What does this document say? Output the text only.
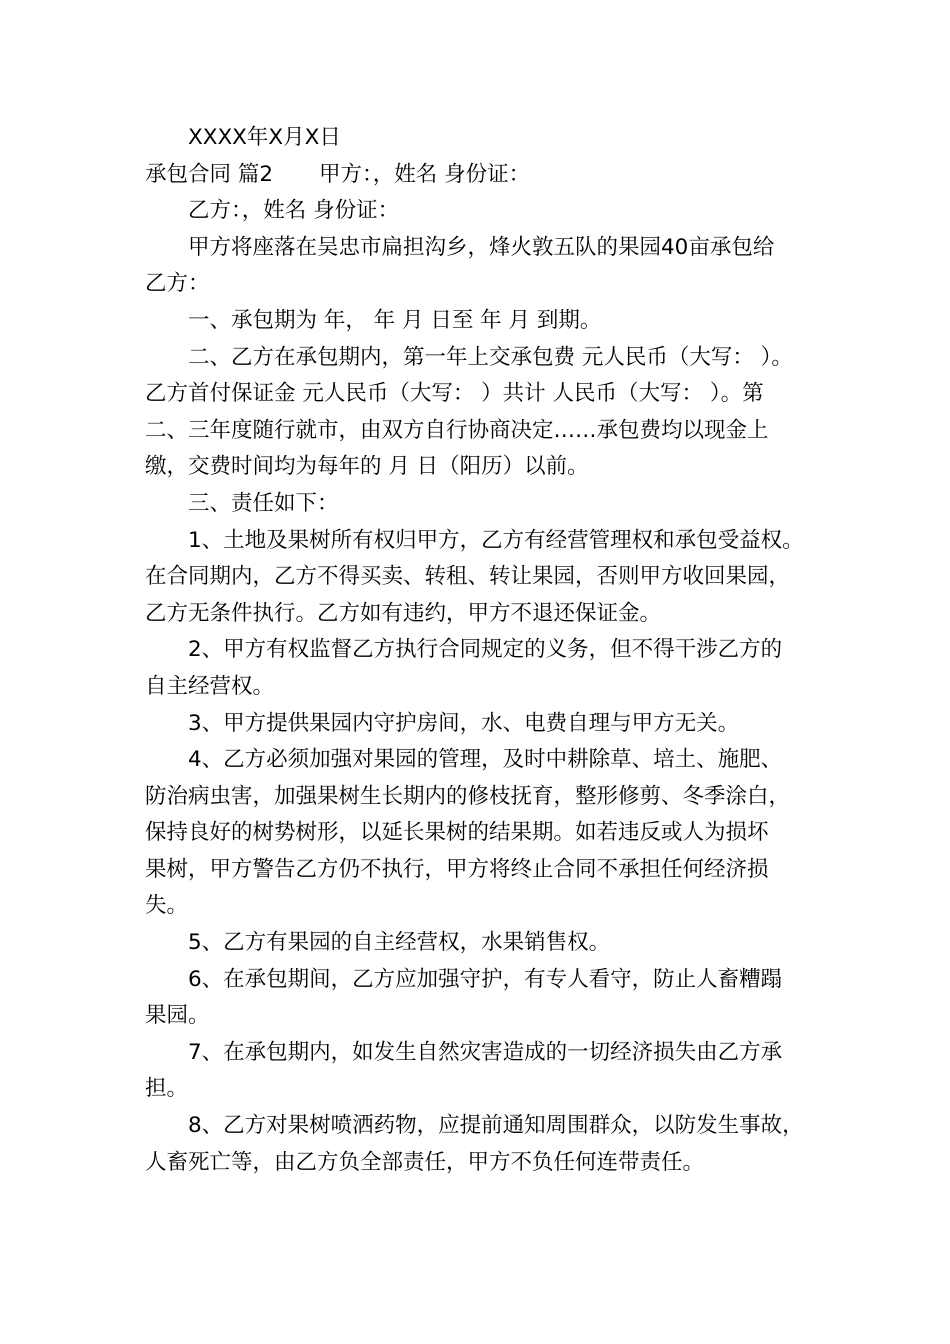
XXXX年X月X日
承包合同 篇2 甲方：，姓名 身份证：
乙方：，姓名 身份证：
甲方将座落在吴忠市扁担沟乡，烽火敦五队的果园40亩承包给
乙方：
一、承包期为 年， 年 月 日至 年 月 到期。
二、乙方在承包期内，第一年上交承包费 元人民币（大写： ）。
乙方首付保证金 元人民币（大写： ）共计 人民币（大写： ）。第
二、三年度随行就市，由双方自行协商决定……承包费均以现金上
缴，交费时间均为每年的 月 日（阳历）以前。
三、责任如下：
1、土地及果树所有权归甲方，乙方有经营管理权和承包受益权。
在合同期内，乙方不得买卖、转租、转让果园，否则甲方收回果园，
乙方无条件执行。乙方如有违约，甲方不退还保证金。
2、甲方有权监督乙方执行合同规定的义务，但不得干涉乙方的
自主经营权。
3、甲方提供果园内守护房间，水、电费自理与甲方无关。
4、乙方必须加强对果园的管理，及时中耕除草、培土、施肥、
防治病虫害，加强果树生长期内的修枝抚育，整形修剪、冬季涂白，
保持良好的树势树形，以延长果树的结果期。如若违反或人为损坏
果树，甲方警告乙方仍不执行，甲方将终止合同不承担任何经济损
失。
5、乙方有果园的自主经营权，水果销售权。
6、在承包期间，乙方应加强守护，有专人看守，防止人畜糟蹋
果园。
7、在承包期内，如发生自然灾害造成的一切经济损失由乙方承
担。
8、乙方对果树喷洒药物，应提前通知周围群众，以防发生事故，
人畜死亡等，由乙方负全部责任，甲方不负任何连带责任。
